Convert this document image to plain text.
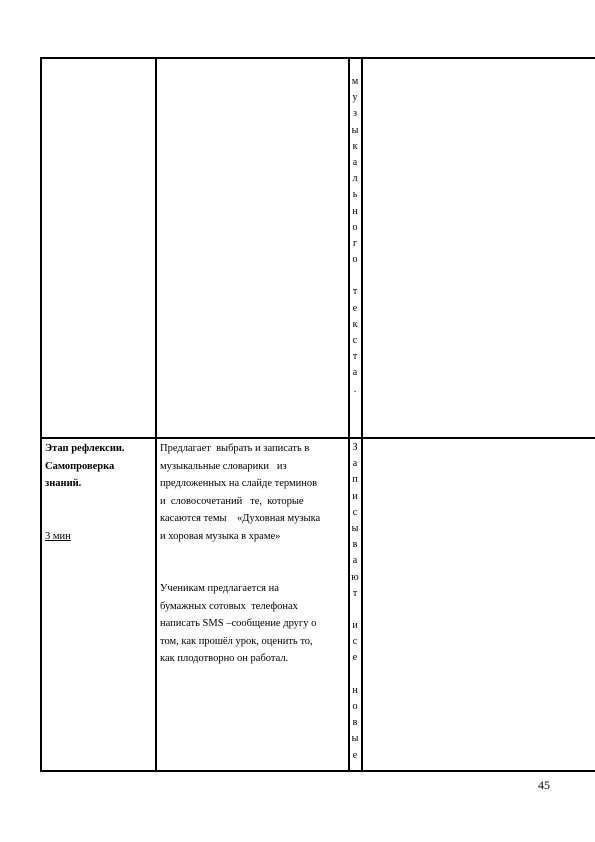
м
у
з
ы
к
а
л
ь
н
о
г
о
т
е
к
с
т
а
.
Этап рефлексии.
Самопроверка
знаний.
3 мин
Предлагает  выбрать и записать в
музыкальные словарики   из
предложенных на слайде терминов
и  словосочетаний   те,  которые
касаются темы    «Духовная музыка
и хоровая музыка в храме»
Ученикам предлагается на
бумажных сотовых  телефонах
написать SMS –сообщение другу о
том, как прошёл урок, оценить то,
как плодотворно он работал.
З
а
п
и
с
ы
в
а
ю
т
и
с
е
н
о
в
ы
е
45
